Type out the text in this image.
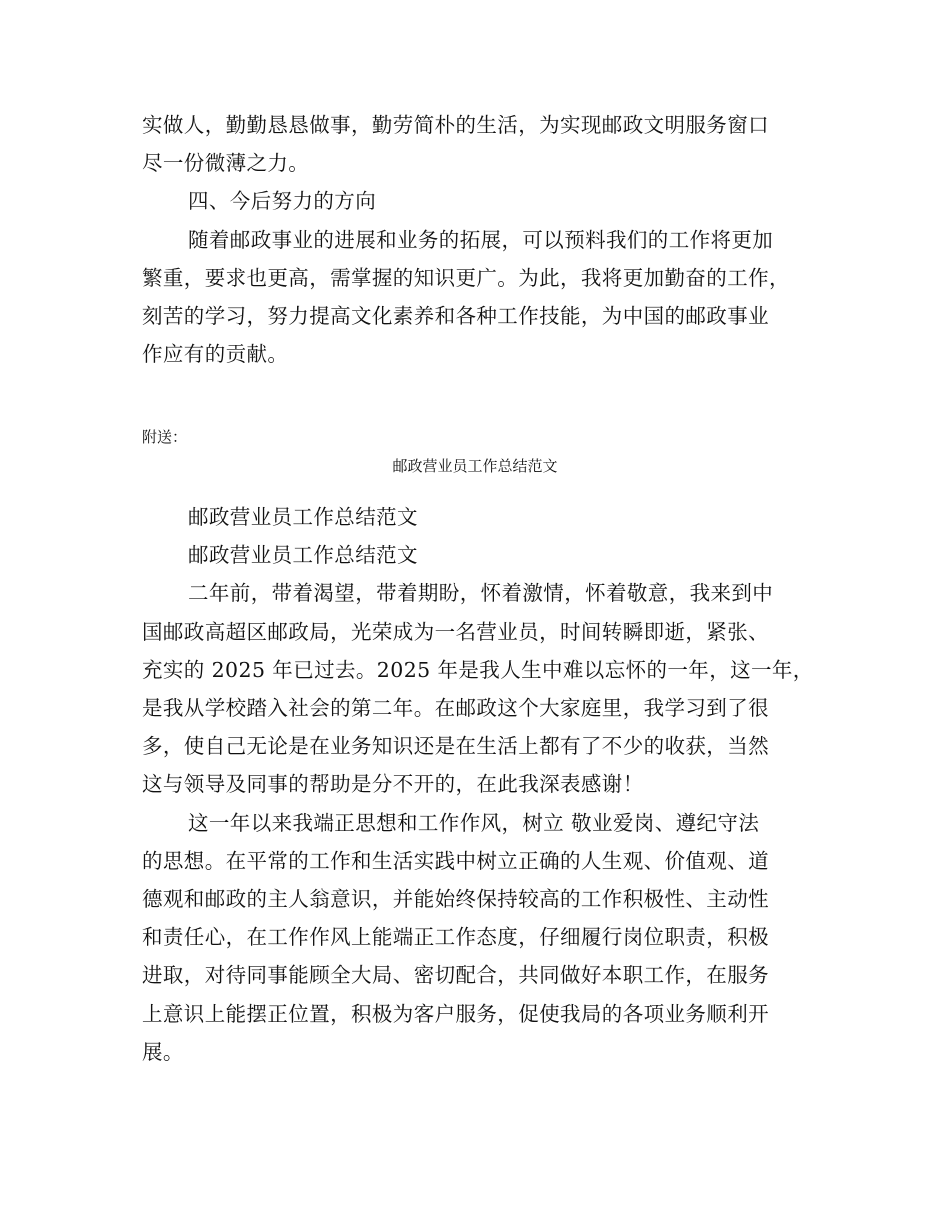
实做人，勤勤恳恳做事，勤劳简朴的生活，为实现邮政文明服务窗口
尽一份微薄之力。
四、今后努力的方向
随着邮政事业的进展和业务的拓展，可以预料我们的工作将更加
繁重，要求也更高，需掌握的知识更广。为此，我将更加勤奋的工作，
刻苦的学习，努力提高文化素养和各种工作技能，为中国的邮政事业
作应有的贡献。

附送：

邮政营业员工作总结范文

邮政营业员工作总结范文
邮政营业员工作总结范文
二年前，带着渴望，带着期盼，怀着激情，怀着敬意，我来到中
国邮政高超区邮政局，光荣成为一名营业员，时间转瞬即逝，紧张、
充实的 2025 年已过去。2025 年是我人生中难以忘怀的一年，这一年，
是我从学校踏入社会的第二年。在邮政这个大家庭里，我学习到了很
多，使自己无论是在业务知识还是在生活上都有了不少的收获，当然
这与领导及同事的帮助是分不开的，在此我深表感谢！
这一年以来我端正思想和工作作风，树立 敬业爱岗、遵纪守法
的思想。在平常的工作和生活实践中树立正确的人生观、价值观、道
德观和邮政的主人翁意识，并能始终保持较高的工作积极性、主动性
和责任心，在工作作风上能端正工作态度，仔细履行岗位职责，积极
进取，对待同事能顾全大局、密切配合，共同做好本职工作，在服务
上意识上能摆正位置，积极为客户服务，促使我局的各项业务顺利开
展。
